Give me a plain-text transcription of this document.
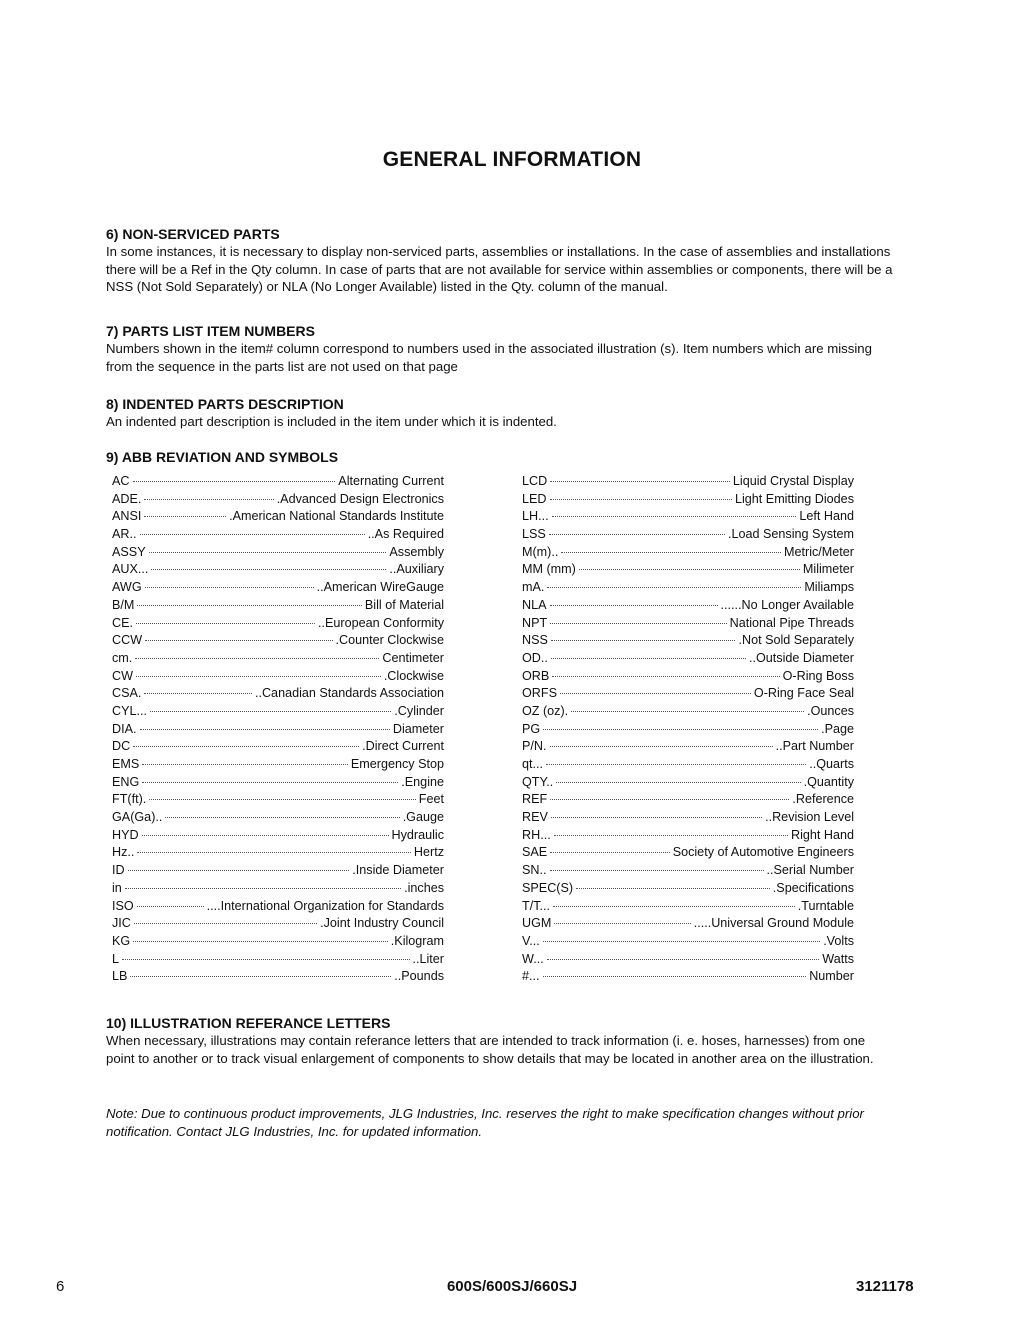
GENERAL INFORMATION
6) NON-SERVICED PARTS

In some instances, it is necessary to display non-serviced parts, assemblies or installations. In the case of assemblies and installations there will be a Ref in the Qty column. In case of parts that are not available for service within assemblies or components, there will be a NSS (Not Sold Separately) or NLA (No Longer Available) listed in the Qty. column of the manual.

7) PARTS LIST ITEM NUMBERS

Numbers shown in the item# column correspond to numbers used in the associated illustration (s). Item numbers which are missing from the sequence in the parts list are not used on that page

8) INDENTED PARTS DESCRIPTION

An indented part description is included in the item under which it is indented.

9) ABB REVIATION AND SYMBOLS
AC	Alternating Current
ADE.	.Advanced Design Electronics
ANSI	.American National Standards Institute
AR..	..As Required
ASSY	Assembly
AUX...	..Auxiliary
AWG	..American WireGauge
B/M	Bill of Material
CE.	..European Conformity
CCW	.Counter Clockwise
cm.	Centimeter
CW	.Clockwise
CSA.	..Canadian Standards Association
CYL...	.Cylinder
DIA.	Diameter
DC	.Direct Current
EMS	Emergency Stop
ENG	.Engine
FT(ft).	Feet
GA(Ga)..	.Gauge
HYD	Hydraulic
Hz..	Hertz
ID	.Inside Diameter
in	.inches
ISO	....International Organization for Standards
JIC	.Joint Industry Council
KG	.Kilogram
L	..Liter
LB	..Pounds
LCD	Liquid Crystal Display
LED	Light Emitting Diodes
LH...	Left Hand
LSS	.Load Sensing System
M(m)..	Metric/Meter
MM (mm)	Milimeter
mA.	Miliamps
NLA	......No Longer Available
NPT	National Pipe Threads
NSS	.Not Sold Separately
OD..	..Outside Diameter
ORB	O-Ring Boss
ORFS	O-Ring Face Seal
OZ (oz).	.Ounces
PG	.Page
P/N.	..Part Number
qt...	..Quarts
QTY..	.Quantity
REF	.Reference
REV	..Revision Level
RH...	Right Hand
SAE	Society of Automotive Engineers
SN..	..Serial Number
SPEC(S)	.Specifications
T/T...	.Turntable
UGM	.....Universal Ground Module
V...	.Volts
W...	Watts
#...	Number
10) ILLUSTRATION REFERANCE LETTERS

When necessary, illustrations may contain referance letters that are intended to track information (i. e. hoses, harnesses) from one point to another or to track visual enlargement of components to show details that may be located in another area on the illustration.

Note: Due to continuous product improvements, JLG Industries, Inc. reserves the right to make specification changes without prior notification. Contact JLG Industries, Inc. for updated information.

6	600S/600SJ/660SJ	3121178
